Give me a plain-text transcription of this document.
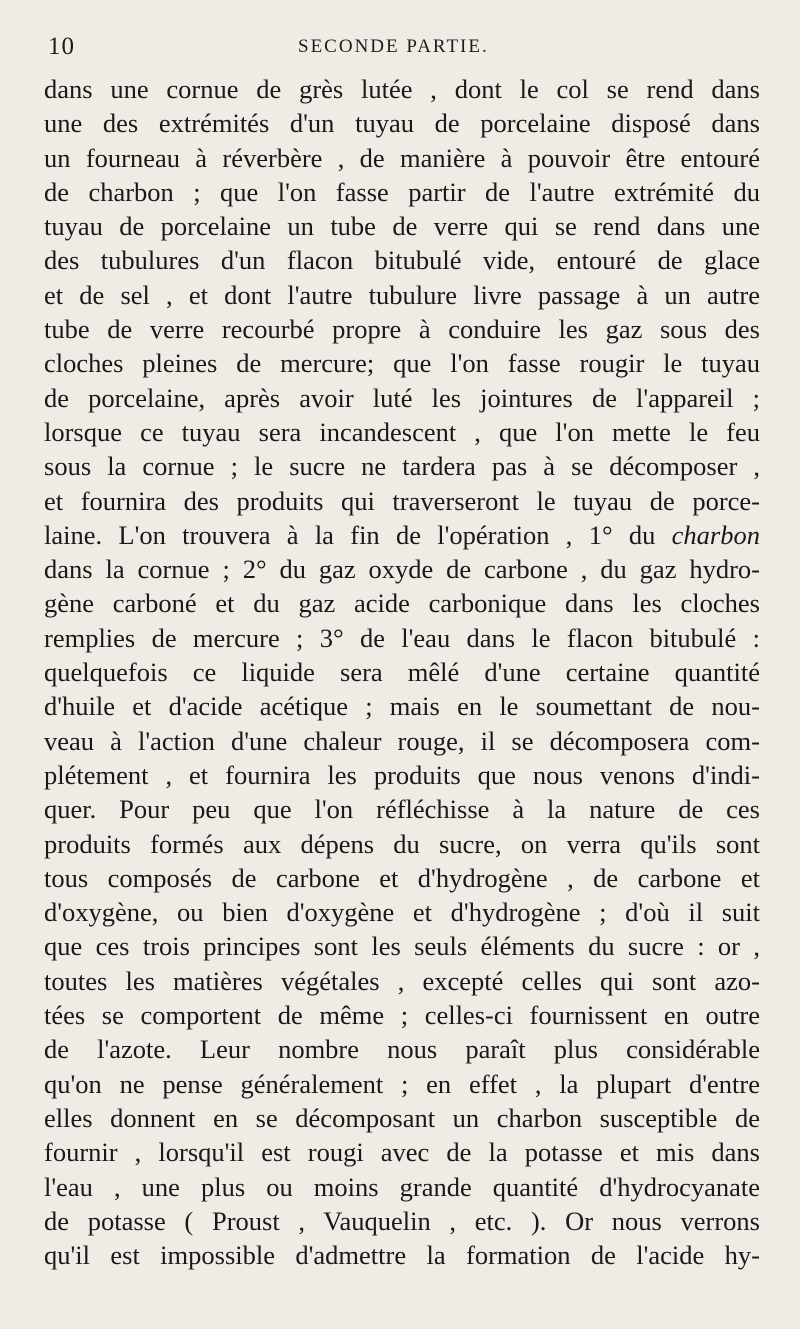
10	SECONDE PARTIE.
dans une cornue de grès lutée , dont le col se rend dans
une des extrémités d'un tuyau de porcelaine disposé dans
un fourneau à réverbère , de manière à pouvoir être entouré
de charbon ; que l'on fasse partir de l'autre extrémité du
tuyau de porcelaine un tube de verre qui se rend dans une
des tubulures d'un flacon bitubulé vide, entouré de glace
et de sel , et dont l'autre tubulure livre passage à un autre
tube de verre recourbé propre à conduire les gaz sous des
cloches pleines de mercure; que l'on fasse rougir le tuyau
de porcelaine, après avoir luté les jointures de l'appareil ;
lorsque ce tuyau sera incandescent , que l'on mette le feu
sous la cornue ; le sucre ne tardera pas à se décomposer ,
et fournira des produits qui traverseront le tuyau de porce-
laine. L'on trouvera à la fin de l'opération , 1° du charbon
dans la cornue ; 2° du gaz oxyde de carbone , du gaz hydro-
gène carboné et du gaz acide carbonique dans les cloches
remplies de mercure ; 3° de l'eau dans le flacon bitubulé :
quelquefois ce liquide sera mêlé d'une certaine quantité
d'huile et d'acide acétique ; mais en le soumettant de nou-
veau à l'action d'une chaleur rouge, il se décomposera com-
plétement , et fournira les produits que nous venons d'indi-
quer. Pour peu que l'on réfléchisse à la nature de ces
produits formés aux dépens du sucre, on verra qu'ils sont
tous composés de carbone et d'hydrogène , de carbone et
d'oxygène, ou bien d'oxygène et d'hydrogène ; d'où il suit
que ces trois principes sont les seuls éléments du sucre : or ,
toutes les matières végétales , excepté celles qui sont azo-
tées se comportent de même ; celles-ci fournissent en outre
de l'azote. Leur nombre nous paraît plus considérable
qu'on ne pense généralement ; en effet , la plupart d'entre
elles donnent en se décomposant un charbon susceptible de
fournir , lorsqu'il est rougi avec de la potasse et mis dans
l'eau , une plus ou moins grande quantité d'hydrocyanate
de potasse ( Proust , Vauquelin , etc. ). Or nous verrons
qu'il est impossible d'admettre la formation de l'acide hy-
